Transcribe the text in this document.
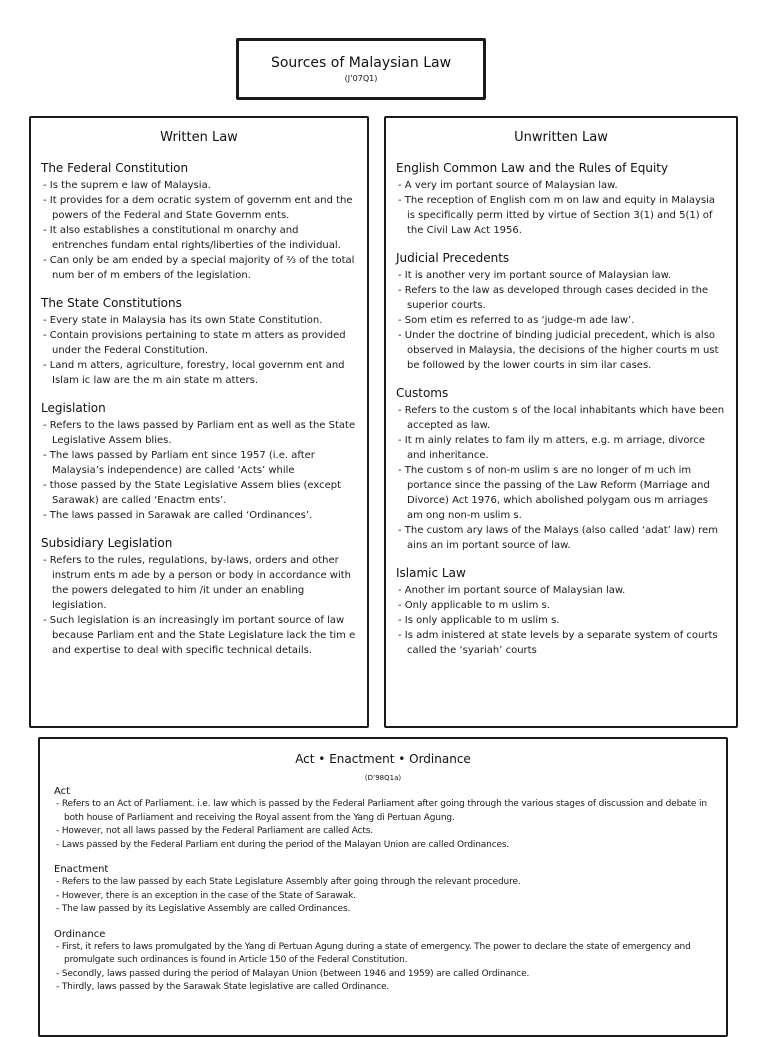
Sources of Malaysian Law
(J’07Q1)
Written Law
The Federal Constitution
- Is the suprem e law of Malaysia.
- It provides for a dem ocratic system of governm ent and the powers of the Federal and State Governm ents.
- It also establishes a constitutional m onarchy and entrenches fundam ental rights/liberties of the individual.
- Can only be am ended by a special majority of ⅔ of the total num ber of m embers of the legislation.
The State Constitutions
- Every state in Malaysia has its own State Constitution.
- Contain provisions pertaining to state m atters as provided under the Federal Constitution.
- Land m atters, agriculture, forestry, local governm ent and Islam ic law are the m ain state m atters.
Legislation
- Refers to the laws passed by Parliam ent as well as the State Legislative Assem blies.
- The laws passed by Parliam ent since 1957 (i.e. after Malaysia’s independence) are called ‘Acts’ while
- those passed by the State Legislative Assem blies (except Sarawak) are called ‘Enactm ents’.
- The laws passed in Sarawak are called ‘Ordinances’.
Subsidiary Legislation
- Refers to the rules, regulations, by-laws, orders and other instrum ents m ade by a person or body in accordance with the powers delegated to him /it under an enabling legislation.
- Such legislation is an increasingly im portant source of law because Parliam ent and the State Legislature lack the tim e and expertise to deal with specific technical details.
Unwritten Law
English Common Law and the Rules of Equity
- A very im portant source of Malaysian law.
- The reception of English com m on law and equity in Malaysia is specifically perm itted by virtue of Section 3(1) and 5(1) of the Civil Law Act 1956.
Judicial Precedents
- It is another very im portant source of Malaysian law.
- Refers to the law as developed through cases decided in the superior courts.
- Som etim es referred to as ‘judge-m ade law’.
- Under the doctrine of binding judicial precedent, which is also observed in Malaysia, the decisions of the higher courts m ust be followed by the lower courts in sim ilar cases.
Customs
- Refers to the custom s of the local inhabitants which have been accepted as law.
- It m ainly relates to fam ily m atters, e.g. m arriage, divorce and inheritance.
- The custom s of non-m uslim s are no longer of m uch im portance since the passing of the Law Reform (Marriage and Divorce) Act 1976, which abolished polygam ous m arriages am ong non-m uslim s.
- The custom ary laws of the Malays (also called ‘adat’ law) rem ains an im portant source of law.
Islamic Law
- Another im portant source of Malaysian law.
- Only applicable to m uslim s.
- Is only applicable to m uslim s.
- Is adm inistered at state levels by a separate system of courts called the ‘syariah’ courts
Act • Enactment • Ordinance
(D’98Q1a)
Act
- Refers to an Act of Parliament. i.e. law which is passed by the Federal Parliament after going through the various stages of discussion and debate in both house of Parliament and receiving the Royal assent from the Yang di Pertuan Agung.
- However, not all laws passed by the Federal Parliament are called Acts.
- Laws passed by the Federal Parliam ent during the period of the Malayan Union are called Ordinances.
Enactment
- Refers to the law passed by each State Legislature Assembly after going through the relevant procedure.
- However, there is an exception in the case of the State of Sarawak.
- The law passed by its Legislative Assembly are called Ordinances.
Ordinance
- First, it refers to laws promulgated by the Yang di Pertuan Agung during a state of emergency. The power to declare the state of emergency and promulgate such ordinances is found in Article 150 of the Federal Constitution.
- Secondly, laws passed during the period of Malayan Union (between 1946 and 1959) are called Ordinance.
- Thirdly, laws passed by the Sarawak State legislative are called Ordinance.
